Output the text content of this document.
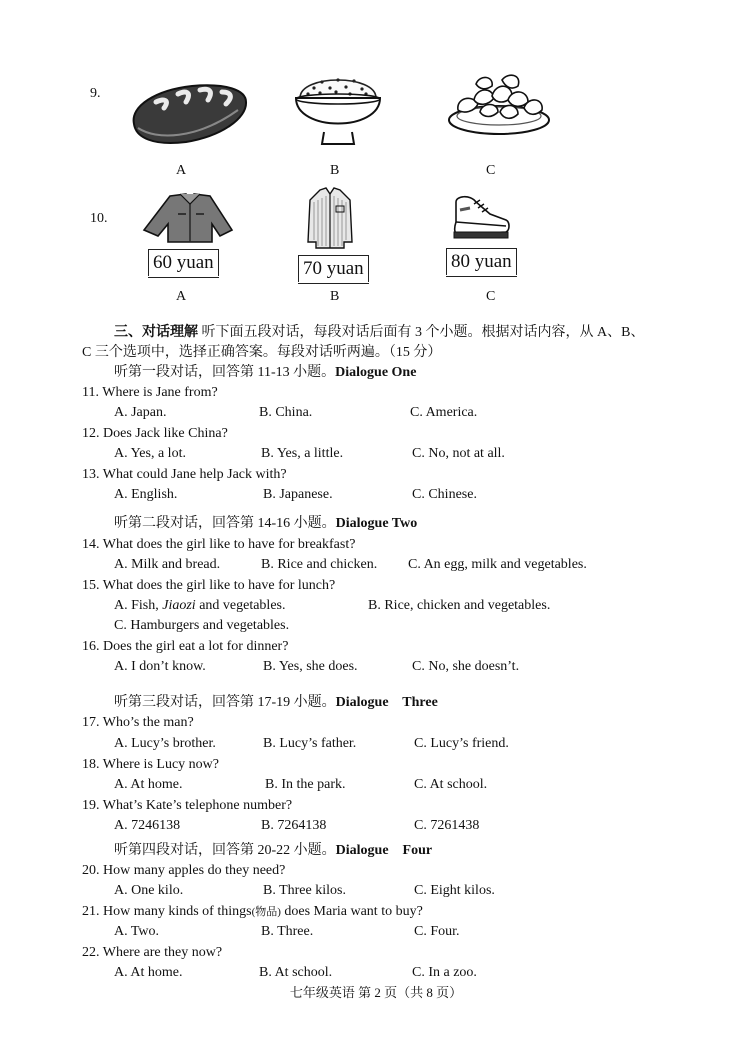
9.
A	B	C
10.
60 yuan	70 yuan	80 yuan
A	B	C
三、对话理解 听下面五段对话，每段对话后面有 3 个小题。根据对话内容，从 A、B、
C 三个选项中，选择正确答案。每段对话听两遍。（15 分）
听第一段对话，回答第 11-13 小题。Dialogue One
11. Where is Jane from?
A. Japan.	B. China.	C. America.
12. Does Jack like China?
A. Yes, a lot.	B. Yes, a little.	C. No, not at all.
13. What could Jane help Jack with?
A. English.	B. Japanese.	C. Chinese.
听第二段对话，回答第 14-16 小题。Dialogue Two
14. What does the girl like to have for breakfast?
A. Milk and bread.	B. Rice and chicken. C. An egg, milk and vegetables.
15. What does the girl like to have for lunch?
A. Fish, Jiaozi and vegetables.	B. Rice, chicken and vegetables.
C. Hamburgers and vegetables.
16. Does the girl eat a lot for dinner?
A. I don’t know.	B. Yes, she does.	C. No, she doesn’t.
听第三段对话，回答第 17-19 小题。Dialogue    Three
17. Who’s the man?
A. Lucy’s brother.	B. Lucy’s father.	C. Lucy’s friend.
18. Where is Lucy now?
A. At home.	B. In the park.	C. At school.
19. What’s Kate’s telephone number?
A. 7246138	B. 7264138	C. 7261438
听第四段对话，回答第 20-22 小题。Dialogue    Four
20. How many apples do they need?
A. One kilo.	B. Three kilos.	C. Eight kilos.
21. How many kinds of things(物品) does Maria want to buy?
A. Two.	B. Three.	C. Four.
22. Where are they now?
A. At home.	B. At school.	C. In a zoo.
七年级英语 第 2 页（共 8 页）
